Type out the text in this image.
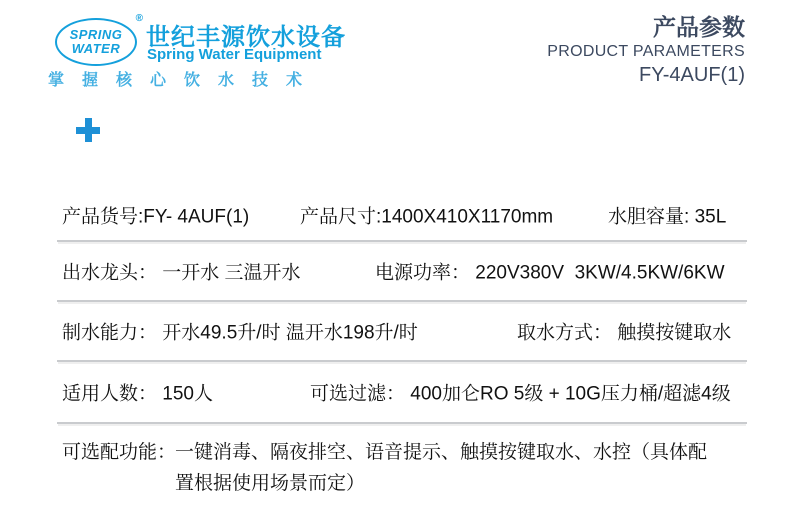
SPRING
WATER
®
世纪丰源饮水设备
Spring Water Equipment
掌握核心饮水技术
产品参数
PRODUCT PARAMETERS
FY-4AUF(1)
产品货号:FY- 4AUF(1)	产品尺寸:1400X410X1170mm	水胆容量: 35L
出水龙头： 一开水 三温开水	电源功率： 220V380V  3KW/4.5KW/6KW
制水能力： 开水49.5升/时 温开水198升/时	取水方式： 触摸按键取水
适用人数： 150人	可选过滤： 400加仑RO 5级 + 10G压力桶/超滤4级
可选配功能：
一键消毒、隔夜排空、语音提示、触摸按键取水、水控（具体配
置根据使用场景而定）
